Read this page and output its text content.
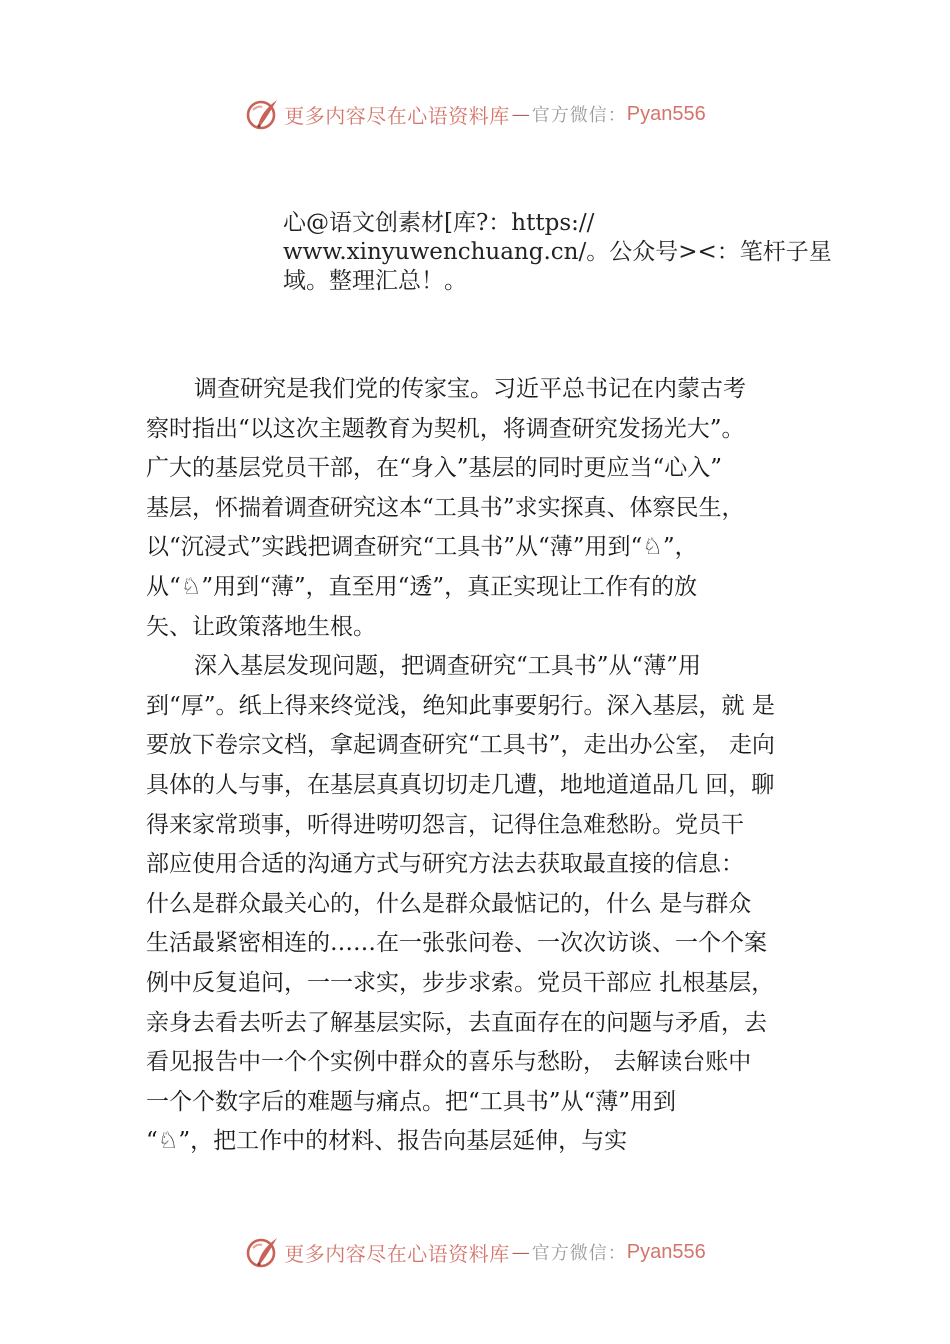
更多内容尽在心语资料库 — 官方微信： Pyan556
心@语文创素材[库?：https://
www.xinyuwenchuang.cn/。公众号><：笔杆子星
域。整理汇总！。
调查研究是我们党的传家宝。习近平总书记在内蒙古考
察时指出“以这次主题教育为契机，将调查研究发扬光大”。
广大的基层党员干部，在“身入”基层的同时更应当“心入”
基层，怀揣着调查研究这本“工具书”求实探真、体察民生，
以“沉浸式”实践把调查研究“工具书”从“薄”用到“♘”，
从“♘”用到“薄”，直至用“透”，真正实现让工作有的放
矢、让政策落地生根。
深入基层发现问题，把调查研究“工具书”从“薄”用
到“厚”。纸上得来终觉浅，绝知此事要躬行。深入基层，就 是
要放下卷宗文档，拿起调查研究“工具书”，走出办公室， 走向
具体的人与事，在基层真真切切走几遭，地地道道品几 回，聊
得来家常琐事，听得进唠叨怨言，记得住急难愁盼。党员干
部应使用合适的沟通方式与研究方法去获取最直接的信息：
什么是群众最关心的，什么是群众最惦记的，什么 是与群众
生活最紧密相连的……在一张张问卷、一次次访谈、一个个案
例中反复追问，一一求实，步步求索。党员干部应 扎根基层，
亲身去看去听去了解基层实际，去直面存在的问题与矛盾，去
看见报告中一个个实例中群众的喜乐与愁盼， 去解读台账中
一个个数字后的难题与痛点。把“工具书”从“薄”用到
“♘”，把工作中的材料、报告向基层延伸，与实
更多内容尽在心语资料库 — 官方微信： Pyan556
